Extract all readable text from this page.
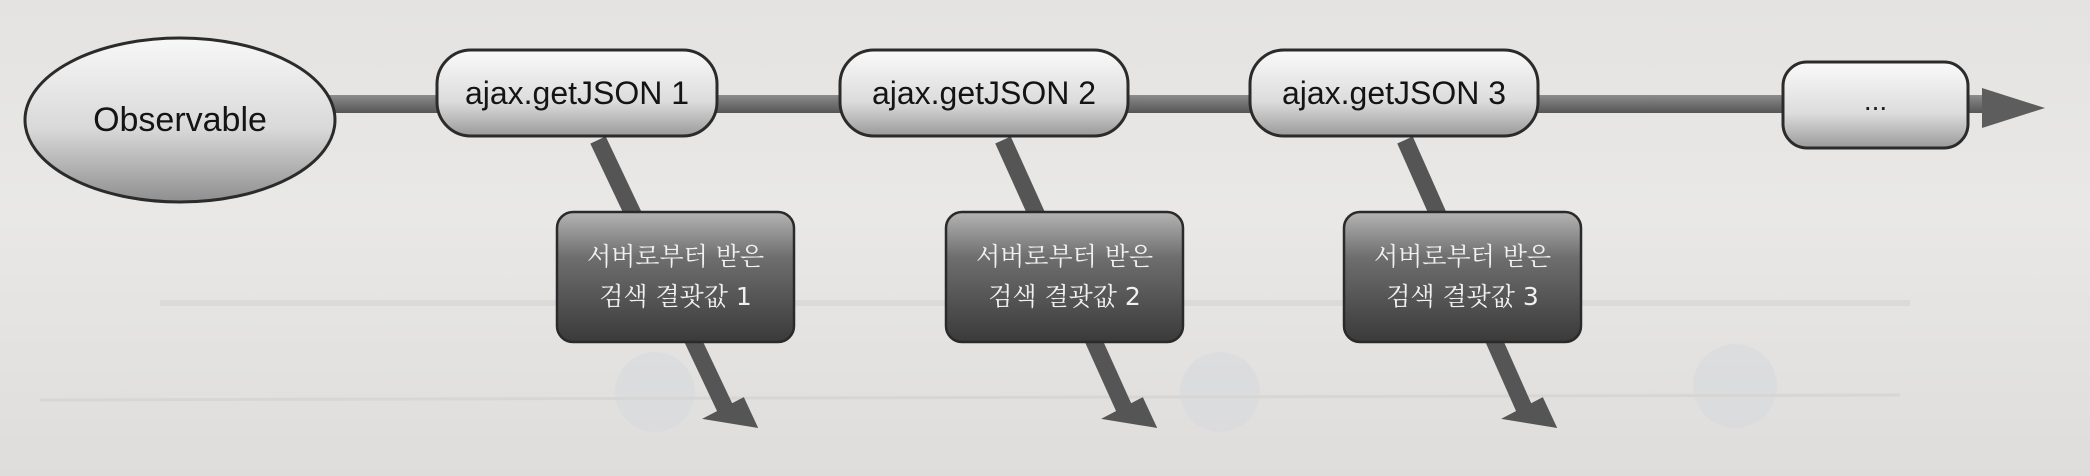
Observable
ajax.getJSON 1	ajax.getJSON 2	ajax.getJSON 3	...
서버로부터 받은
검색 결괏값 1
서버로부터 받은
검색 결괏값 2
서버로부터 받은
검색 결괏값 3
